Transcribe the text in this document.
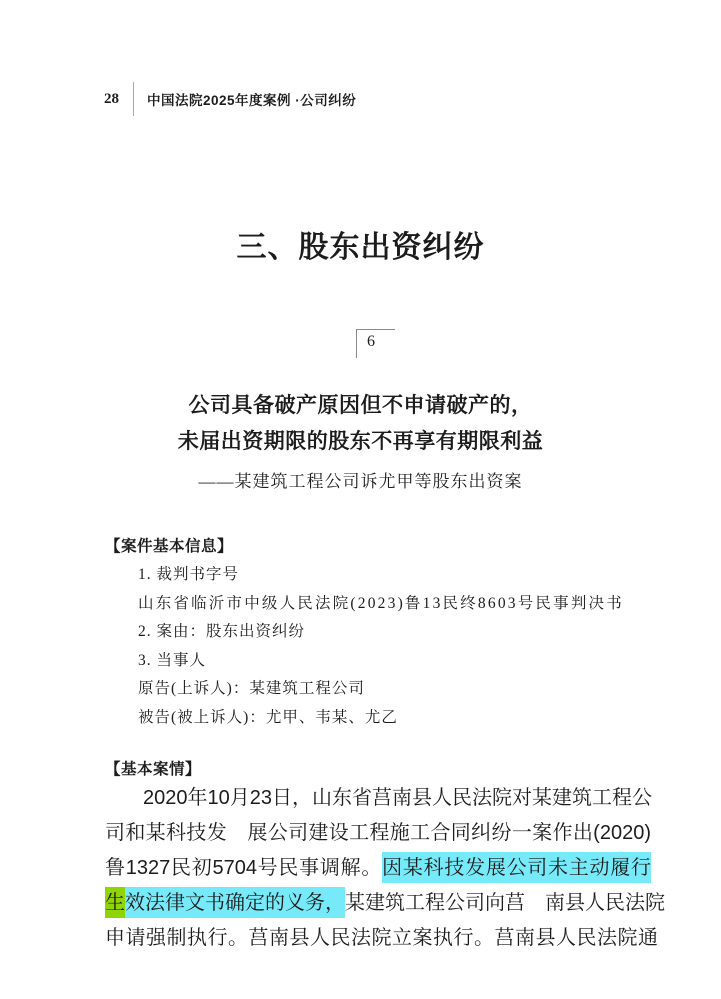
28	中国法院2025年度案例 ·公司纠纷
三、股东出资纠纷
6
公司具备破产原因但不申请破产的，
未届出资期限的股东不再享有期限利益
——某建筑工程公司诉尤甲等股东出资案
【案件基本信息】
1. 裁判书字号
山东省临沂市中级人民法院(2023)鲁13民终8603号民事判决书
2. 案由：股东出资纠纷
3. 当事人
原告(上诉人)：某建筑工程公司
被告(被上诉人)：尤甲、韦某、尤乙
【基本案情】
2020年10月23日，山东省莒南县人民法院对某建筑工程公
司和某科技发　展公司建设工程施工合同纠纷一案作出(2020)
鲁1327民初5704号民事调解。因某科技发展公司未主动履行
生效法律文书确定的义务，某建筑工程公司向莒　南县人民法院
申请强制执行。莒南县人民法院立案执行。莒南县人民法院通
